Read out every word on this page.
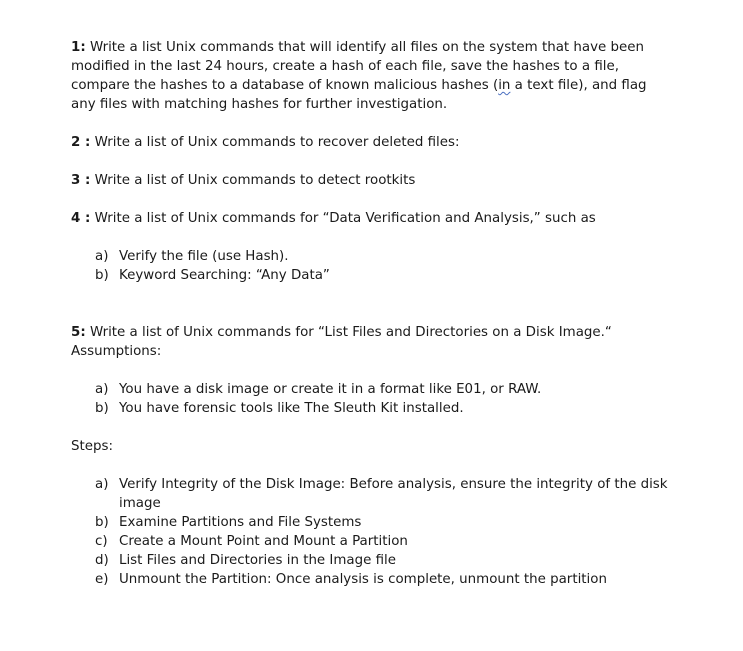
1: Write a list Unix commands that will identify all files on the system that have been modified in the last 24 hours, create a hash of each file, save the hashes to a file, compare the hashes to a database of known malicious hashes (in a text file), and flag any files with matching hashes for further investigation.

2 : Write a list of Unix commands to recover deleted files:

3 : Write a list of Unix commands to detect rootkits

4 : Write a list of Unix commands for “Data Verification and Analysis,” such as

a) Verify the file (use Hash).
b) Keyword Searching: “Any Data”

5: Write a list of Unix commands for “List Files and Directories on a Disk Image.“

Assumptions:

a) You have a disk image or create it in a format like E01, or RAW.
b) You have forensic tools like The Sleuth Kit installed.

Steps:

a) Verify Integrity of the Disk Image: Before analysis, ensure the integrity of the disk image
b) Examine Partitions and File Systems
c) Create a Mount Point and Mount a Partition
d) List Files and Directories in the Image file
e) Unmount the Partition: Once analysis is complete, unmount the partition
